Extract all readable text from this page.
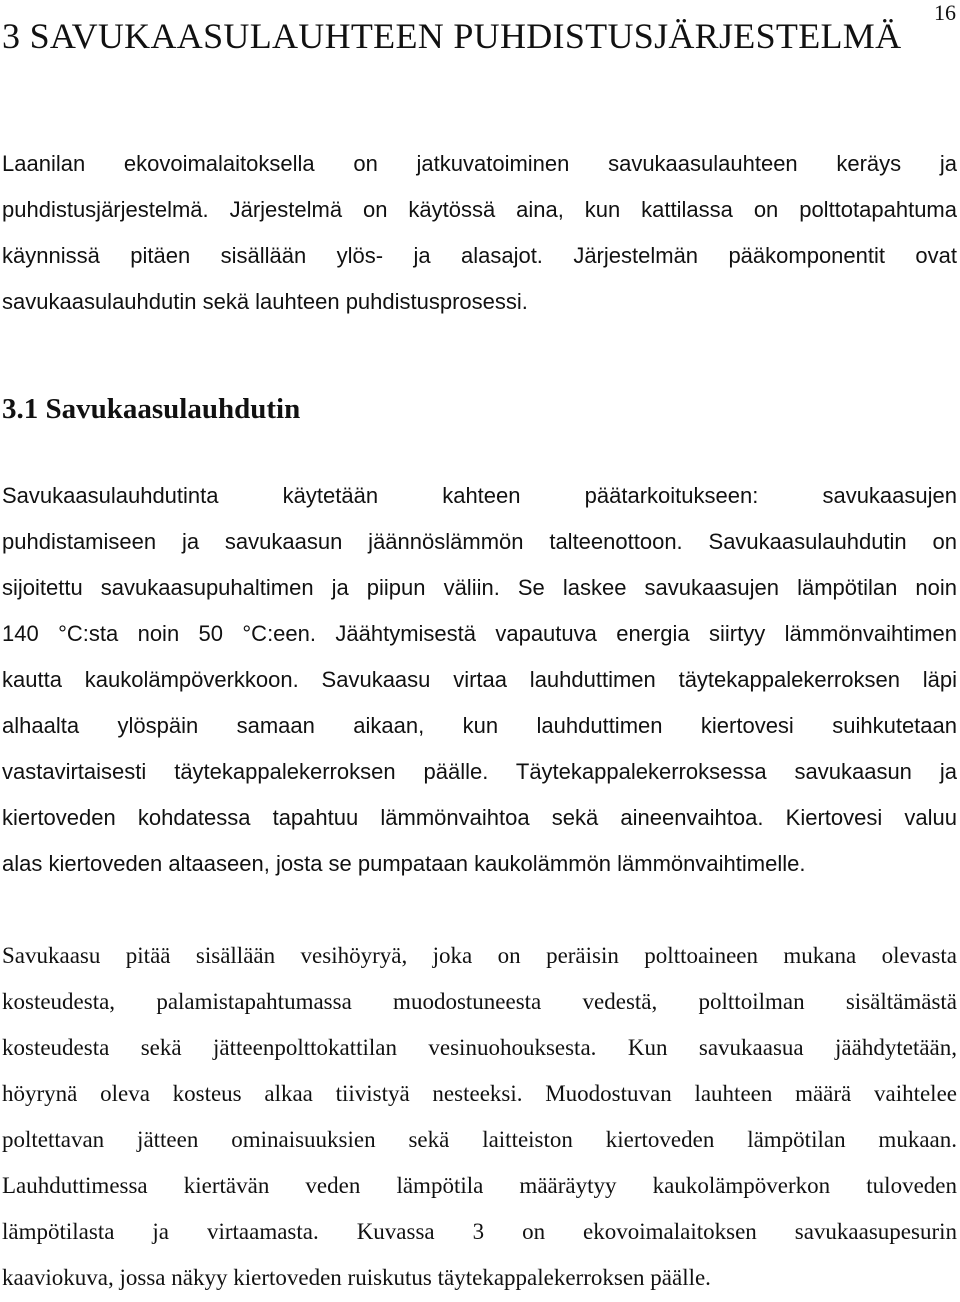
16
3 SAVUKAASULAUHTEEN PUHDISTUSJÄRJESTELMÄ
Laanilan ekovoimalaitoksella on jatkuvatoiminen savukaasulauhteen keräys ja
puhdistusjärjestelmä. Järjestelmä on käytössä aina, kun kattilassa on polttotapahtuma
käynnissä pitäen sisällään ylös- ja alasajot. Järjestelmän pääkomponentit ovat
savukaasulauhdutin sekä lauhteen puhdistusprosessi.
3.1 Savukaasulauhdutin
Savukaasulauhdutinta käytetään kahteen päätarkoitukseen: savukaasujen
puhdistamiseen ja savukaasun jäännöslämmön talteenottoon. Savukaasulauhdutin on
sijoitettu savukaasupuhaltimen ja piipun väliin. Se laskee savukaasujen lämpötilan noin
140 °C:sta noin 50 °C:een. Jäähtymisestä vapautuva energia siirtyy lämmönvaihtimen
kautta kaukolämpöverkkoon. Savukaasu virtaa lauhduttimen täytekappalekerroksen läpi
alhaalta ylöspäin samaan aikaan, kun lauhduttimen kiertovesi suihkutetaan
vastavirtaisesti täytekappalekerroksen päälle. Täytekappalekerroksessa savukaasun ja
kiertoveden kohdatessa tapahtuu lämmönvaihtoa sekä aineenvaihtoa. Kiertovesi valuu
alas kiertoveden altaaseen, josta se pumpataan kaukolämmön lämmönvaihtimelle.
Savukaasu pitää sisällään vesihöyryä, joka on peräisin polttoaineen mukana olevasta
kosteudesta, palamistapahtumassa muodostuneesta vedestä, polttoilman sisältämästä
kosteudesta sekä jätteenpolttokattilan vesinuohouksesta. Kun savukaasua jäähdytetään,
höyrynä oleva kosteus alkaa tiivistyä nesteeksi. Muodostuvan lauhteen määrä vaihtelee
poltettavan jätteen ominaisuuksien sekä laitteiston kiertoveden lämpötilan mukaan.
Lauhduttimessa kiertävän veden lämpötila määräytyy kaukolämpöverkon tuloveden
lämpötilasta ja virtaamasta. Kuvassa 3 on ekovoimalaitoksen savukaasupesurin
kaaviokuva, jossa näkyy kiertoveden ruiskutus täytekappalekerroksen päälle.
